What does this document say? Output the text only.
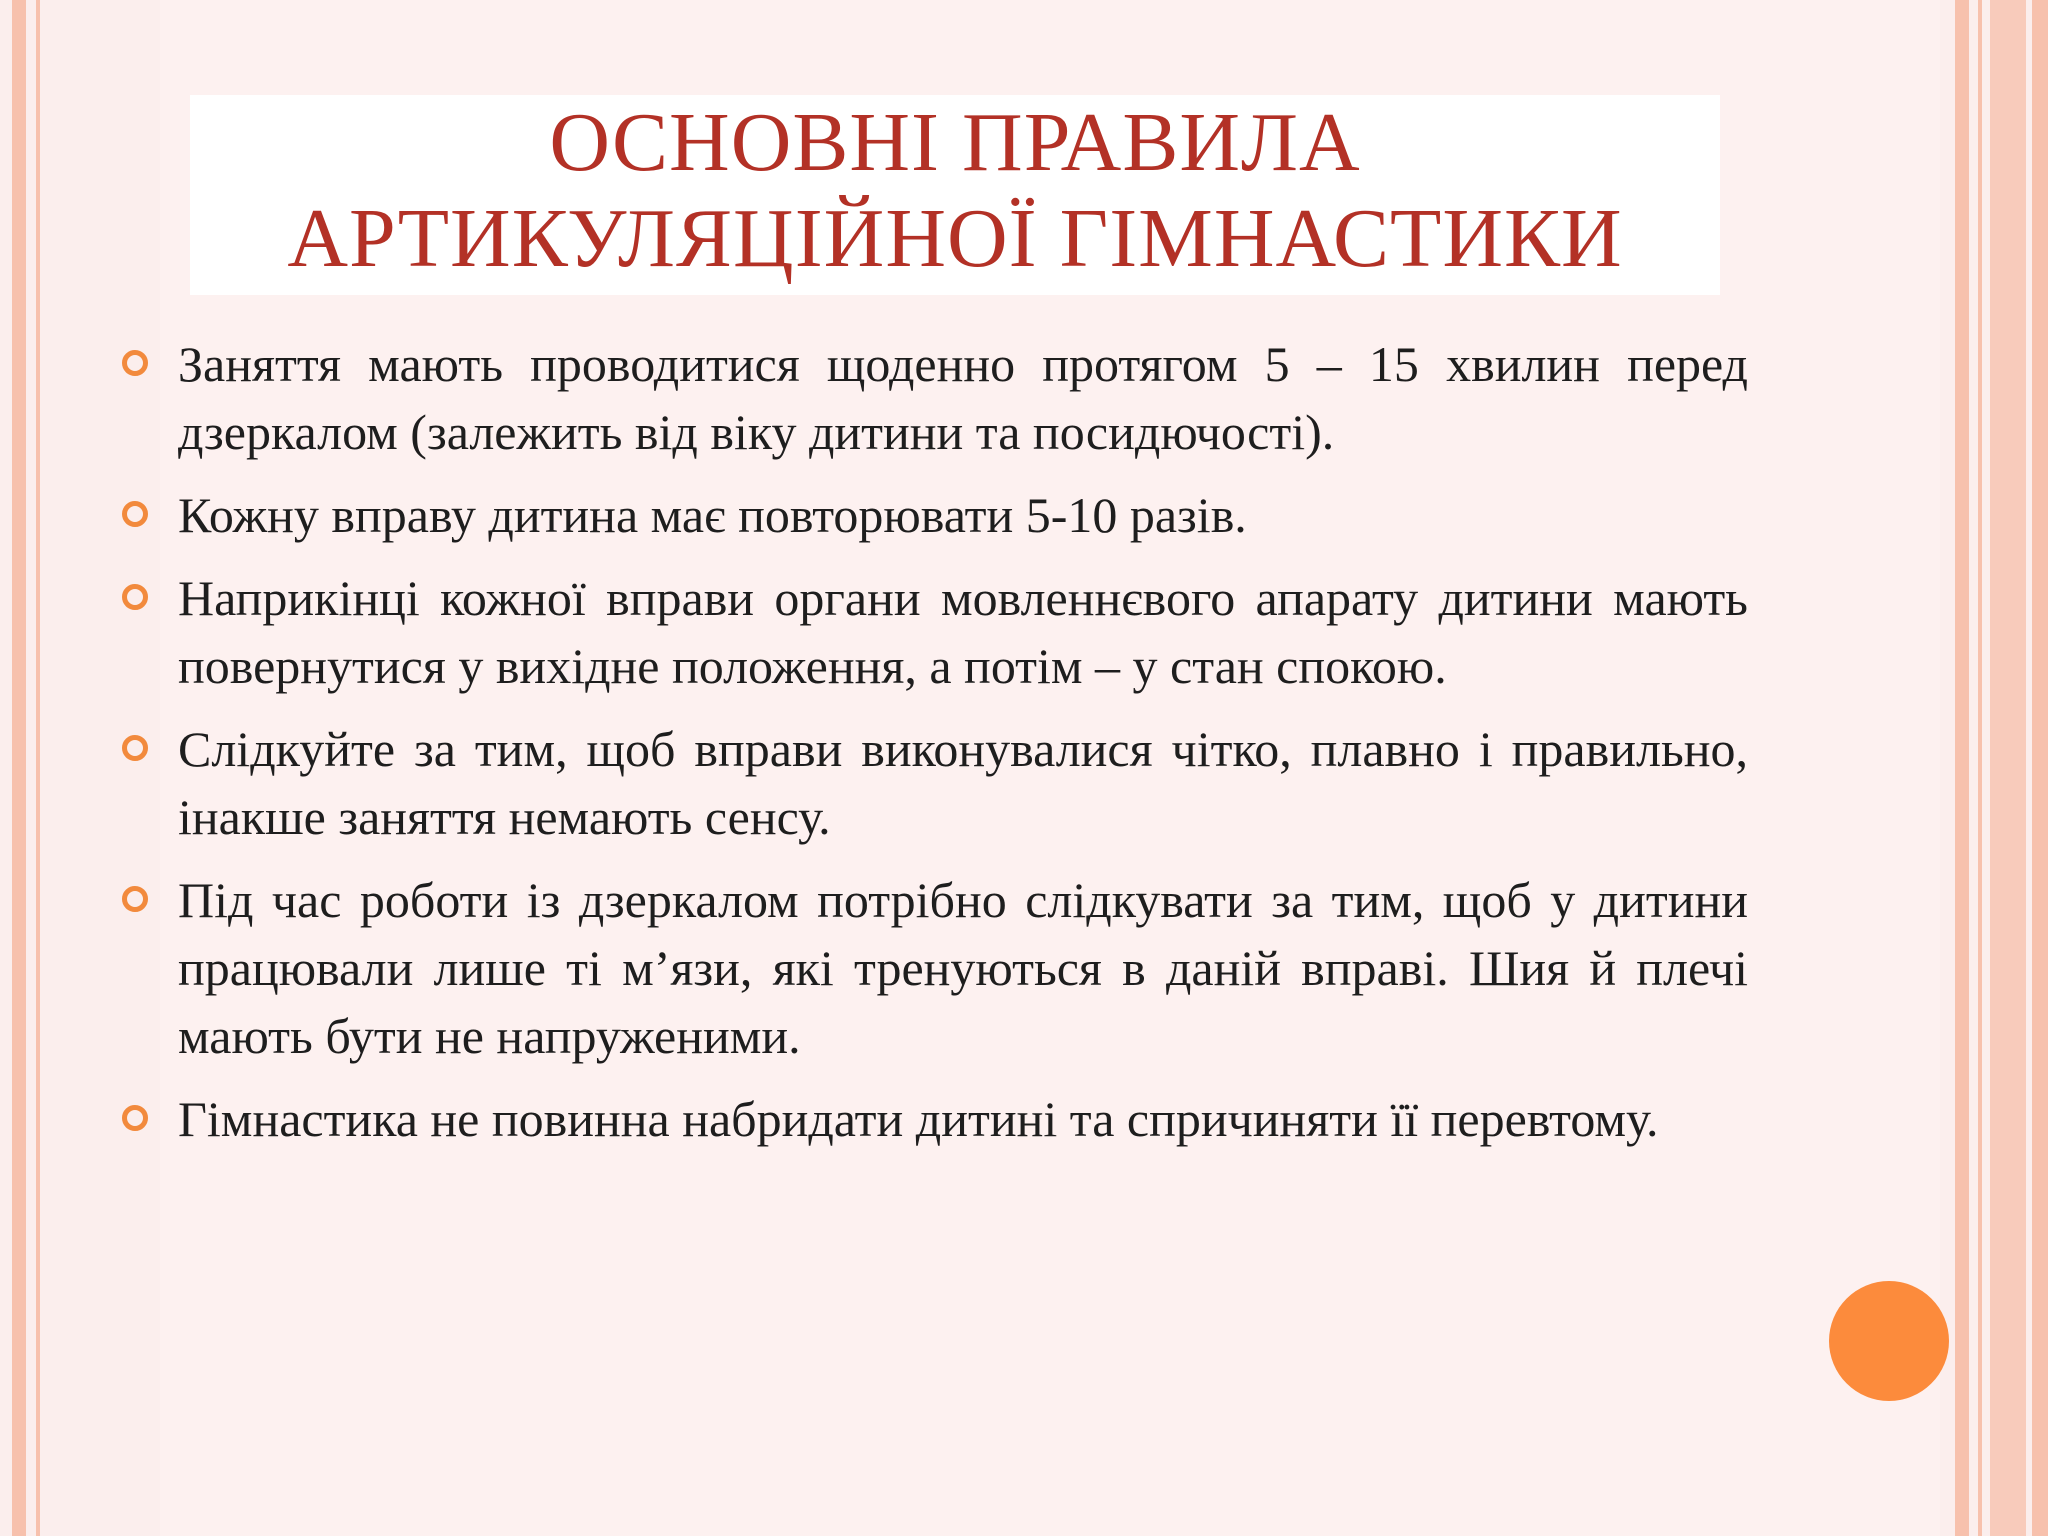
ОСНОВНІ ПРАВИЛА
АРТИКУЛЯЦІЙНОЇ ГІМНАСТИКИ
Заняття мають проводитися щоденно протягом 5 – 15 хвилин перед дзеркалом (залежить від віку дитини та посидючості).
Кожну вправу дитина має повторювати 5-10 разів.
Наприкінці кожної вправи органи мовленнєвого апарату дитини мають повернутися у вихідне положення, а потім – у стан спокою.
Слідкуйте за тим, щоб вправи виконувалися чітко, плавно і правильно, інакше заняття немають сенсу.
Під час роботи із дзеркалом потрібно слідкувати за тим, щоб у дитини працювали лише ті м’язи, які тренуються в даній вправі. Шия й плечі мають бути не напруженими.
Гімнастика не повинна набридати дитині та спричиняти її перевтому.
